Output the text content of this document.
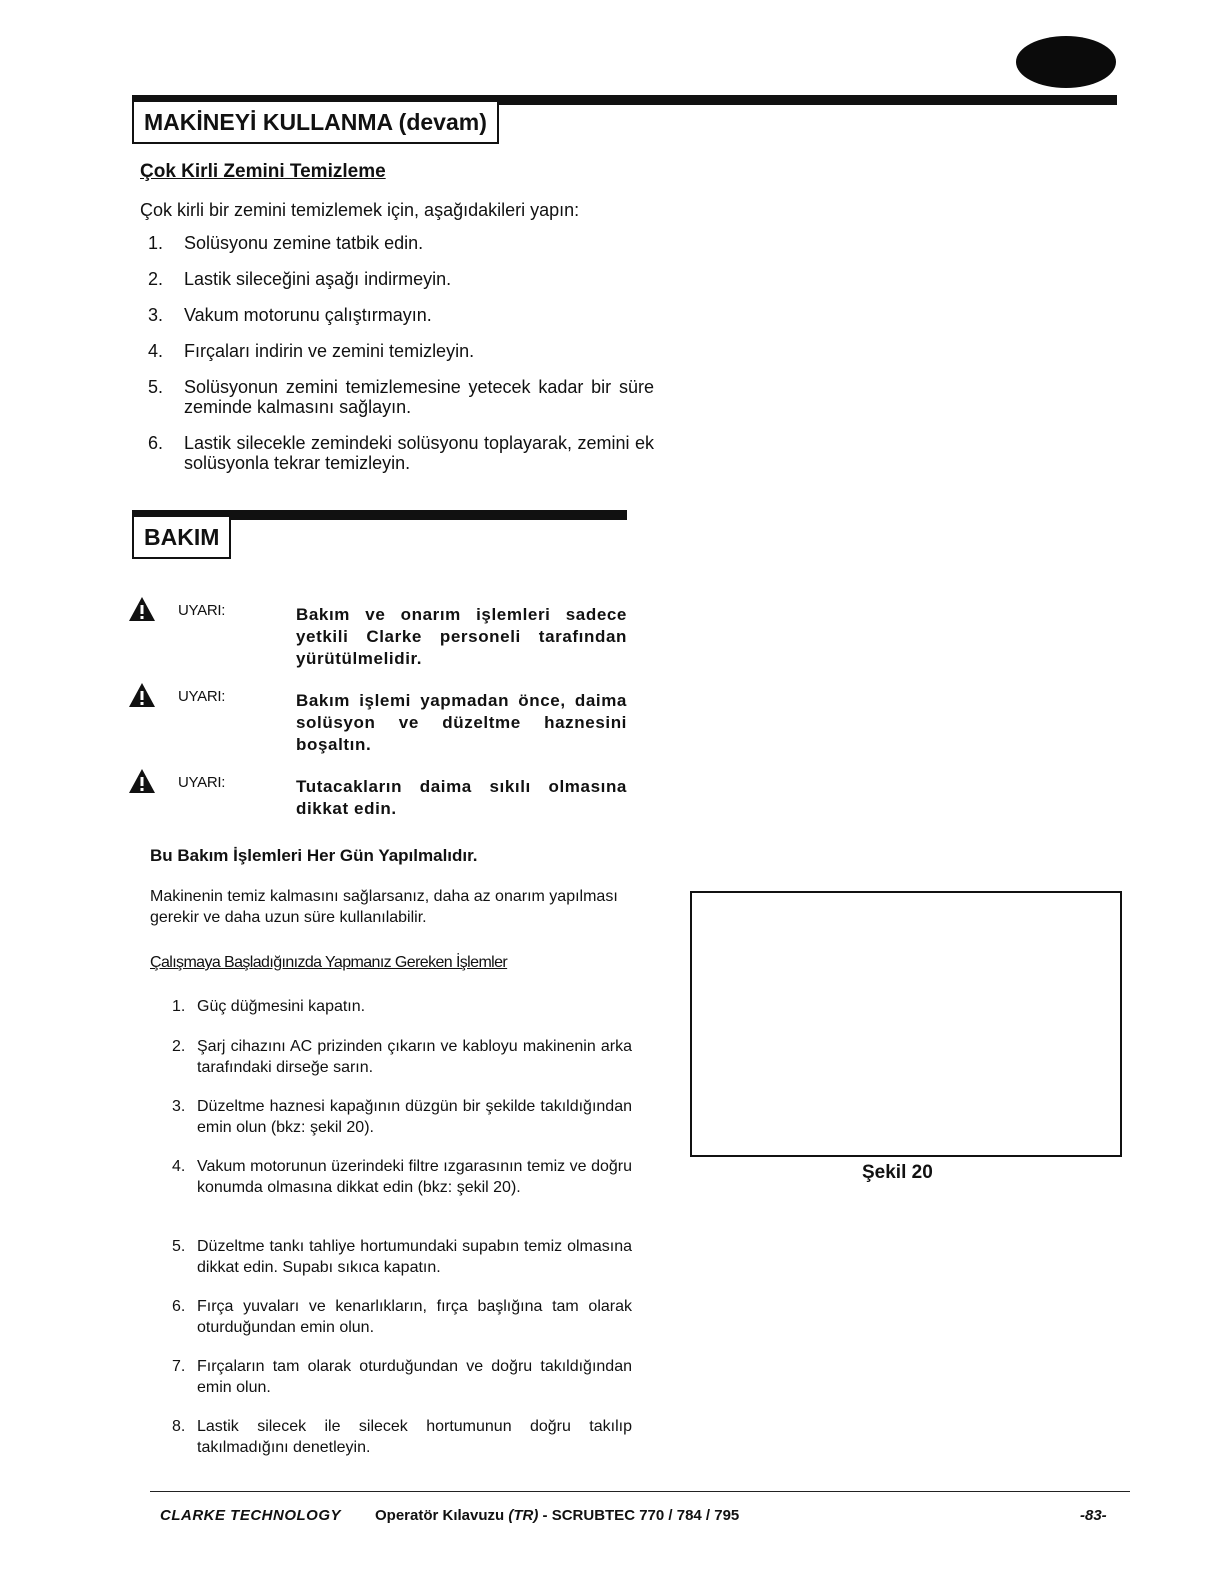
MAKİNEYİ KULLANMA (devam)
Çok Kirli Zemini Temizleme
Çok kirli bir zemini temizlemek için, aşağıdakileri yapın:
1. Solüsyonu zemine tatbik edin.
2. Lastik sileceğini aşağı indirmeyin.
3. Vakum motorunu çalıştırmayın.
4. Fırçaları indirin ve zemini temizleyin.
5. Solüsyonun zemini temizlemesine yetecek kadar bir süre zeminde kalmasını sağlayın.
6. Lastik silecekle zemindeki solüsyonu toplayarak, zemini ek solüsyonla tekrar temizleyin.
BAKIM
UYARI:	Bakım ve onarım işlemleri sadece yetkili Clarke personeli tarafından yürütülmelidir.
UYARI:	Bakım işlemi yapmadan önce, daima solüsyon ve düzeltme haznesini boşaltın.
UYARI:	Tutacakların daima sıkılı olmasına dikkat edin.
Bu Bakım İşlemleri Her Gün Yapılmalıdır.
Makinenin temiz kalmasını sağlarsanız, daha az onarım yapılması gerekir ve daha uzun süre kullanılabilir.
Çalışmaya Başladığınızda Yapmanız Gereken İşlemler
1. Güç düğmesini kapatın.
2. Şarj cihazını AC prizinden çıkarın ve kabloyu makinenin arka tarafındaki dirseğe sarın.
3. Düzeltme haznesi kapağının düzgün bir şekilde takıldığından emin olun (bkz: şekil 20).
4. Vakum motorunun üzerindeki filtre ızgarasının temiz ve doğru konumda olmasına dikkat edin (bkz: şekil 20).
5. Düzeltme tankı tahliye hortumundaki supabın temiz olmasına dikkat edin. Supabı sıkıca kapatın.
6. Fırça yuvaları ve kenarlıkların, fırça başlığına tam olarak oturduğundan emin olun.
7. Fırçaların tam olarak oturduğundan ve doğru takıldığından emin olun.
8. Lastik silecek ile silecek hortumunun doğru takılıp takılmadığını denetleyin.
Şekil 20
CLARKE TECHNOLOGY Operatör Kılavuzu (TR) - SCRUBTEC 770 / 784 / 795	-83-
